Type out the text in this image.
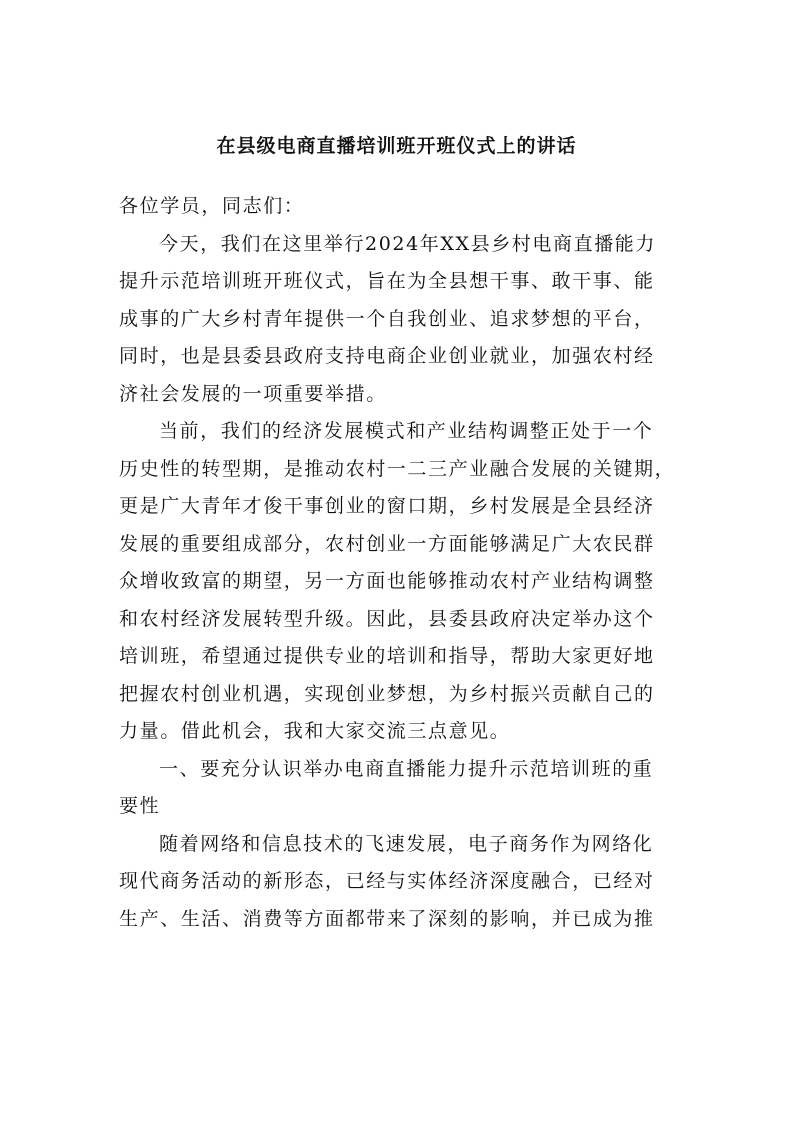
在县级电商直播培训班开班仪式上的讲话
各位学员，同志们：
今天，我们在这里举行2024年XX县乡村电商直播能力
提升示范培训班开班仪式，旨在为全县想干事、敢干事、能
成事的广大乡村青年提供一个自我创业、追求梦想的平台，
同时，也是县委县政府支持电商企业创业就业，加强农村经
济社会发展的一项重要举措。
当前，我们的经济发展模式和产业结构调整正处于一个
历史性的转型期，是推动农村一二三产业融合发展的关键期，
更是广大青年才俊干事创业的窗口期，乡村发展是全县经济
发展的重要组成部分，农村创业一方面能够满足广大农民群
众增收致富的期望，另一方面也能够推动农村产业结构调整
和农村经济发展转型升级。因此，县委县政府决定举办这个
培训班，希望通过提供专业的培训和指导，帮助大家更好地
把握农村创业机遇，实现创业梦想，为乡村振兴贡献自己的
力量。借此机会，我和大家交流三点意见。
一、要充分认识举办电商直播能力提升示范培训班的重
要性
随着网络和信息技术的飞速发展，电子商务作为网络化
现代商务活动的新形态，已经与实体经济深度融合，已经对
生产、生活、消费等方面都带来了深刻的影响，并已成为推
